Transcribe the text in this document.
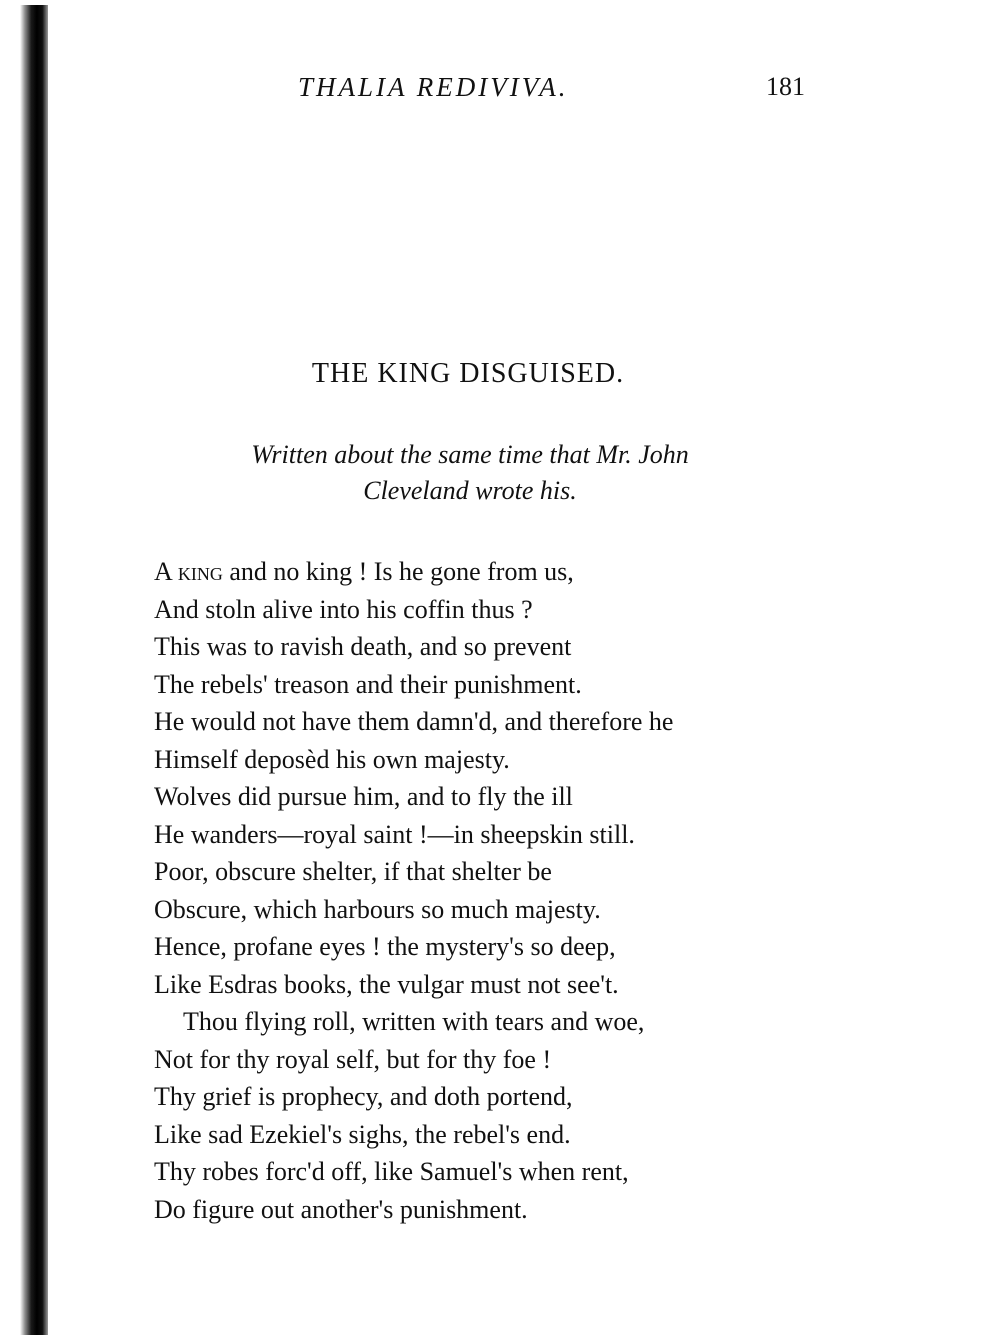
THALIA REDIVIVA.	181
THE KING DISGUISED.
Written about the same time that Mr. John
Cleveland wrote his.
A king and no king ! Is he gone from us,
And stoln alive into his coffin thus ?
This was to ravish death, and so prevent
The rebels' treason and their punishment.
He would not have them damn'd, and therefore he
Himself deposèd his own majesty.
Wolves did pursue him, and to fly the ill
He wanders—royal saint !—in sheepskin still.
Poor, obscure shelter, if that shelter be
Obscure, which harbours so much majesty.
Hence, profane eyes ! the mystery's so deep,
Like Esdras books, the vulgar must not see't.
Thou flying roll, written with tears and woe,
Not for thy royal self, but for thy foe !
Thy grief is prophecy, and doth portend,
Like sad Ezekiel's sighs, the rebel's end.
Thy robes forc'd off, like Samuel's when rent,
Do figure out another's punishment.
